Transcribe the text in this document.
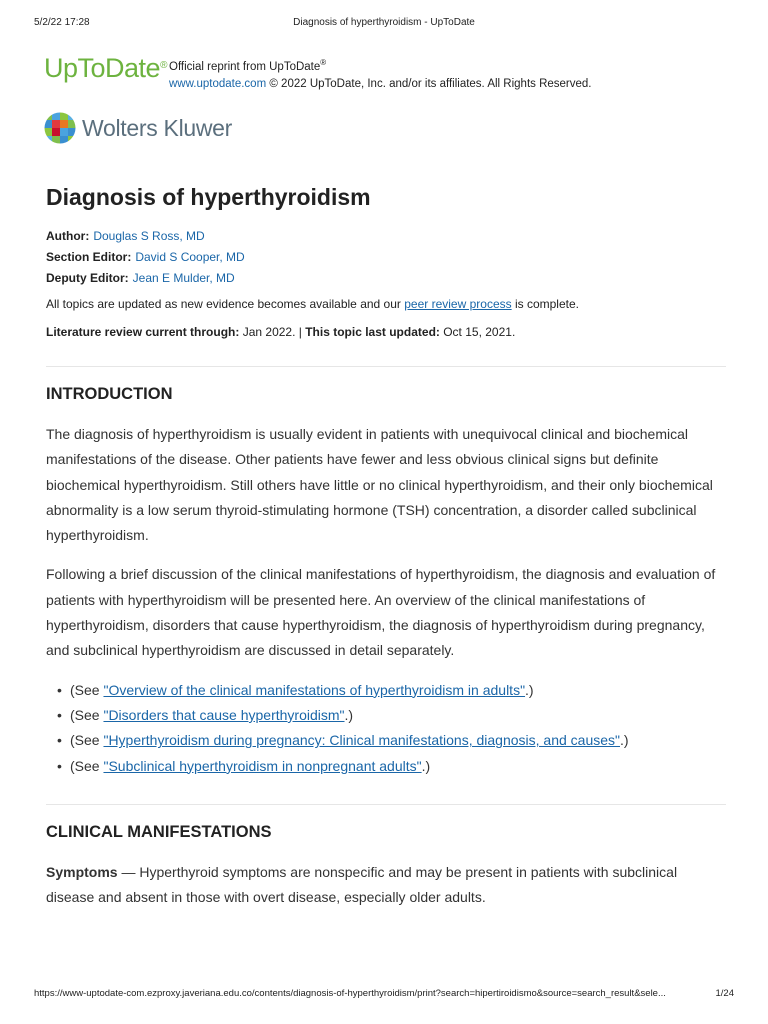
5/2/22 17:28	Diagnosis of hyperthyroidism - UpToDate
UpToDate® Official reprint from UpToDate®
www.uptodate.com © 2022 UpToDate, Inc. and/or its affiliates. All Rights Reserved.
Wolters Kluwer
Diagnosis of hyperthyroidism
Author: Douglas S Ross, MD
Section Editor: David S Cooper, MD
Deputy Editor: Jean E Mulder, MD
All topics are updated as new evidence becomes available and our peer review process is complete.
Literature review current through: Jan 2022. | This topic last updated: Oct 15, 2021.
INTRODUCTION

The diagnosis of hyperthyroidism is usually evident in patients with unequivocal clinical and biochemical manifestations of the disease. Other patients have fewer and less obvious clinical signs but definite biochemical hyperthyroidism. Still others have little or no clinical hyperthyroidism, and their only biochemical abnormality is a low serum thyroid-stimulating hormone (TSH) concentration, a disorder called subclinical hyperthyroidism.

Following a brief discussion of the clinical manifestations of hyperthyroidism, the diagnosis and evaluation of patients with hyperthyroidism will be presented here. An overview of the clinical manifestations of hyperthyroidism, disorders that cause hyperthyroidism, the diagnosis of hyperthyroidism during pregnancy, and subclinical hyperthyroidism are discussed in detail separately.

• (See "Overview of the clinical manifestations of hyperthyroidism in adults".)
• (See "Disorders that cause hyperthyroidism".)
• (See "Hyperthyroidism during pregnancy: Clinical manifestations, diagnosis, and causes".)
• (See "Subclinical hyperthyroidism in nonpregnant adults".)
CLINICAL MANIFESTATIONS

Symptoms — Hyperthyroid symptoms are nonspecific and may be present in patients with subclinical disease and absent in those with overt disease, especially older adults.

https://www-uptodate-com.ezproxy.javeriana.edu.co/contents/diagnosis-of-hyperthyroidism/print?search=hipertiroidismo&source=search_result&sele...	1/24
